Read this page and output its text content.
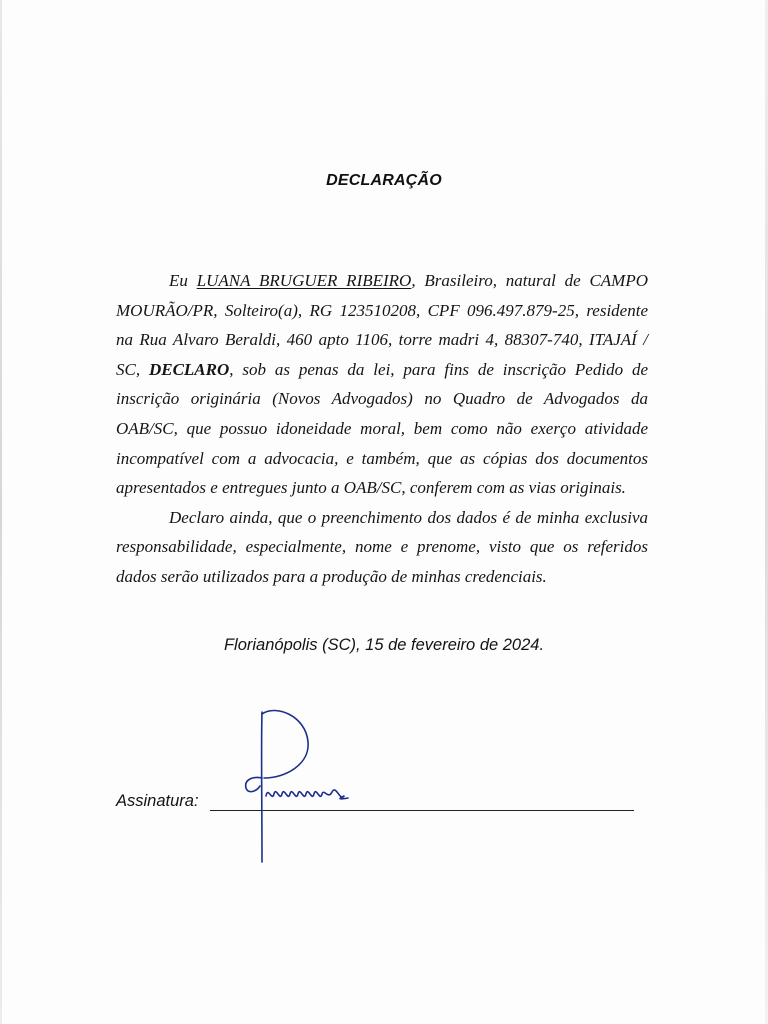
DECLARAÇÃO

Eu LUANA BRUGUER RIBEIRO, Brasileiro, natural de CAMPO MOURÃO/PR, Solteiro(a), RG 123510208, CPF 096.497.879-25, residente na Rua Alvaro Beraldi, 460 apto 1106, torre madri 4, 88307-740, ITAJAÍ / SC, DECLARO, sob as penas da lei, para fins de inscrição Pedido de inscrição originária (Novos Advogados) no Quadro de Advogados da OAB/SC, que possuo idoneidade moral, bem como não exerço atividade incompatível com a advocacia, e também, que as cópias dos documentos apresentados e entregues junto a OAB/SC, conferem com as vias originais.

Declaro ainda, que o preenchimento dos dados é de minha exclusiva responsabilidade, especialmente, nome e prenome, visto que os referidos dados serão utilizados para a produção de minhas credenciais.

Florianópolis (SC), 15 de fevereiro de 2024.
Assinatura:
